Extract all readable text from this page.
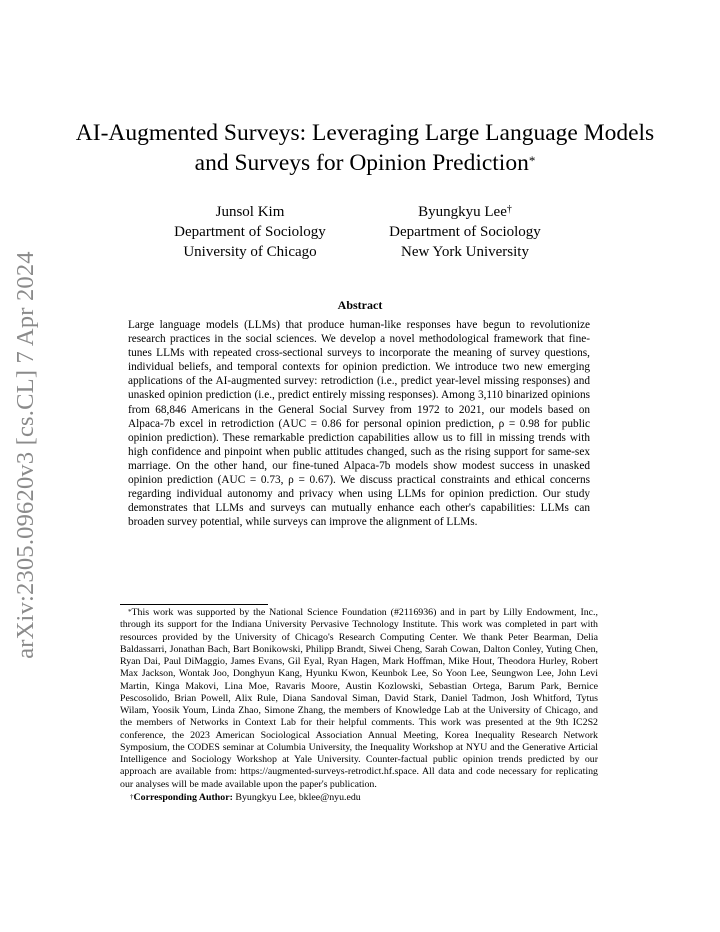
arXiv:2305.09620v3 [cs.CL] 7 Apr 2024
AI-Augmented Surveys: Leveraging Large Language Models and Surveys for Opinion Prediction*
Junsol Kim
Department of Sociology
University of Chicago
Byungkyu Lee†
Department of Sociology
New York University
Abstract

Large language models (LLMs) that produce human-like responses have begun to revolutionize research practices in the social sciences. We develop a novel methodological framework that fine-tunes LLMs with repeated cross-sectional surveys to incorporate the meaning of survey questions, individual beliefs, and temporal contexts for opinion prediction. We introduce two new emerging applications of the AI-augmented survey: retrodiction (i.e., predict year-level missing responses) and unasked opinion prediction (i.e., predict entirely missing responses). Among 3,110 binarized opinions from 68,846 Americans in the General Social Survey from 1972 to 2021, our models based on Alpaca-7b excel in retrodiction (AUC = 0.86 for personal opinion prediction, ρ = 0.98 for public opinion prediction). These remarkable prediction capabilities allow us to fill in missing trends with high confidence and pinpoint when public attitudes changed, such as the rising support for same-sex marriage. On the other hand, our fine-tuned Alpaca-7b models show modest success in unasked opinion prediction (AUC = 0.73, ρ = 0.67). We discuss practical constraints and ethical concerns regarding individual autonomy and privacy when using LLMs for opinion prediction. Our study demonstrates that LLMs and surveys can mutually enhance each other's capabilities: LLMs can broaden survey potential, while surveys can improve the alignment of LLMs.

*This work was supported by the National Science Foundation (#2116936) and in part by Lilly Endowment, Inc., through its support for the Indiana University Pervasive Technology Institute. This work was completed in part with resources provided by the University of Chicago's Research Computing Center. We thank Peter Bearman, Delia Baldassarri, Jonathan Bach, Bart Bonikowski, Philipp Brandt, Siwei Cheng, Sarah Cowan, Dalton Conley, Yuting Chen, Ryan Dai, Paul DiMaggio, James Evans, Gil Eyal, Ryan Hagen, Mark Hoffman, Mike Hout, Theodora Hurley, Robert Max Jackson, Wontak Joo, Donghyun Kang, Hyunku Kwon, Keunbok Lee, So Yoon Lee, Seungwon Lee, John Levi Martin, Kinga Makovi, Lina Moe, Ravaris Moore, Austin Kozlowski, Sebastian Ortega, Barum Park, Bernice Pescosolido, Brian Powell, Alix Rule, Diana Sandoval Siman, David Stark, Daniel Tadmon, Josh Whitford, Tytus Wilam, Yoosik Youm, Linda Zhao, Simone Zhang, the members of Knowledge Lab at the University of Chicago, and the members of Networks in Context Lab for their helpful comments. This work was presented at the 9th IC2S2 conference, the 2023 American Sociological Association Annual Meeting, Korea Inequality Research Network Symposium, the CODES seminar at Columbia University, the Inequality Workshop at NYU and the Generative Articial Intelligence and Sociology Workshop at Yale University. Counter-factual public opinion trends predicted by our approach are available from: https://augmented-surveys-retrodict.hf.space. All data and code necessary for replicating our analyses will be made available upon the paper's publication.

†Corresponding Author: Byungkyu Lee, bklee@nyu.edu
